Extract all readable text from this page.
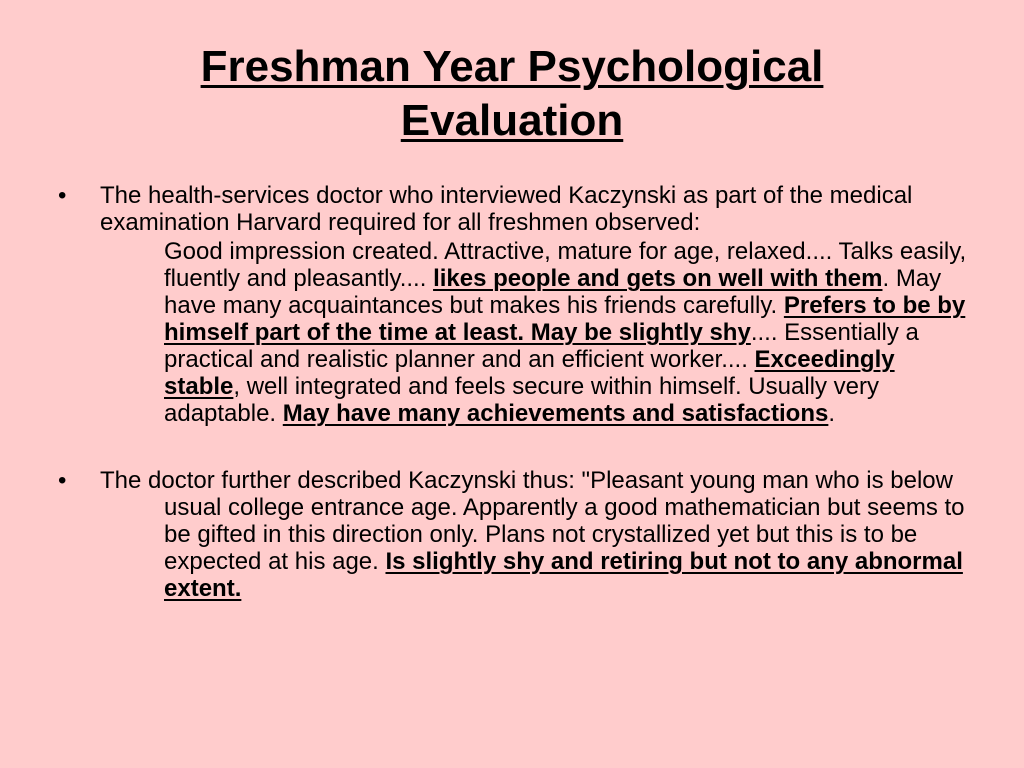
Freshman Year Psychological
Evaluation
•	The health-services doctor who interviewed Kaczynski as part of the medical examination Harvard required for all freshmen observed:

Good impression created. Attractive, mature for age, relaxed.... Talks easily, fluently and pleasantly.... likes people and gets on well with them. May have many acquaintances but makes his friends carefully. Prefers to be by himself part of the time at least. May be slightly shy.... Essentially a practical and realistic planner and an efficient worker.... Exceedingly stable, well integrated and feels secure within himself. Usually very adaptable. May have many achievements and satisfactions.

•	The doctor further described Kaczynski thus: "Pleasant young man who is below usual college entrance age. Apparently a good mathematician but seems to be gifted in this direction only. Plans not crystallized yet but this is to be expected at his age. Is slightly shy and retiring but not to any abnormal extent.
